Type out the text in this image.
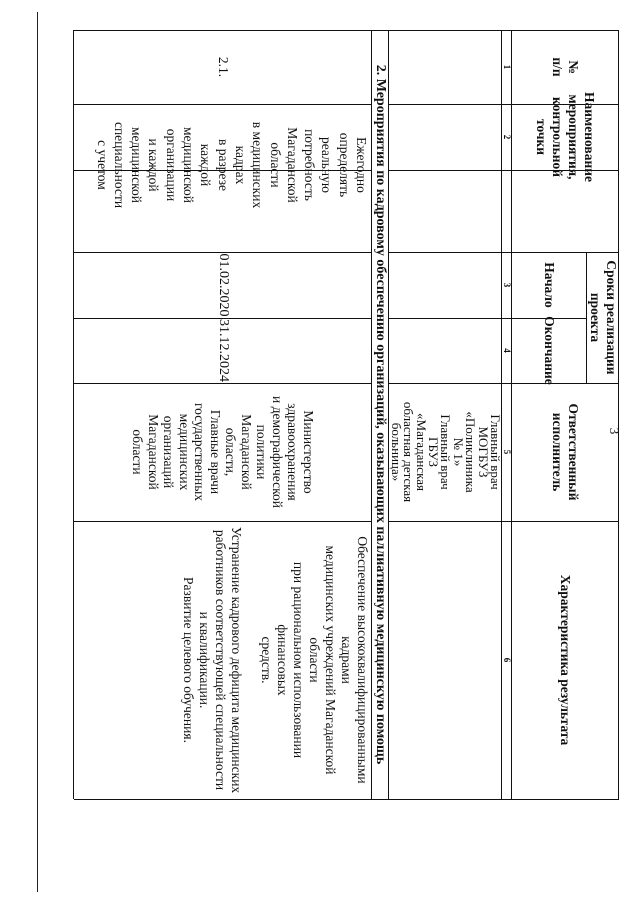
3
№
п/п
Наименование
мероприятия,
контрольной
точки
Сроки реализации
проекта
Начало
Окончание
Ответственный
исполнитель
Характеристика результата
1
2
3
4
5
6
Главный врач
МОГБУЗ
«Поликлиника
№ 1»
Главный врач
ГБУЗ
«Магаданская
областная детская
больница»
2. Мероприятия по кадровому обеспечению организаций, оказывающих паллиативную медицинскую помощь
2.1.
Ежегодно
определять
реальную
потребность
Магаданской
области
в медицинских
кадрах
в разрезе
каждой
медицинской
организации
и каждой
медицинской
специальности
с учетом
01.02.2020
31.12.2024
Министерство
здравоохранения
и демографической
политики
Магаданской
области,
Главные врачи
государственных
медицинских
организаций
Магаданской
области
Обеспечение высококвалифицированными кадрами
медицинских учреждений Магаданской области
при рациональном использовании финансовых
средств.
Устранение кадрового дефицита медицинских
работников соответствующей специальности
и квалификации.
Развитие целевого обучения.
